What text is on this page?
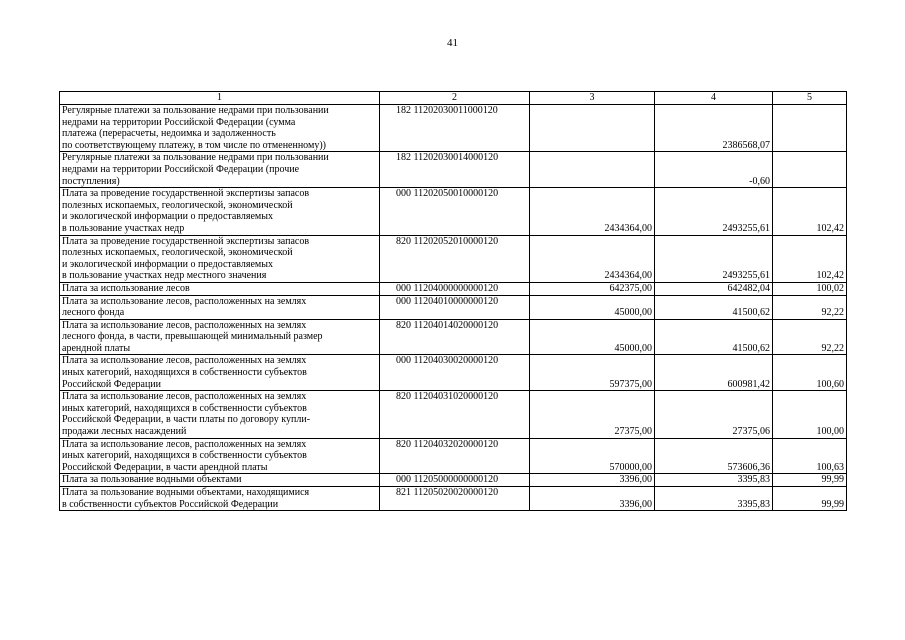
41
1	2	3	4	5
Регулярные платежи за пользование недрами при пользовании
недрами на территории Российской Федерации (сумма
платежа (перерасчеты, недоимка и задолженность
по соответствующему платежу, в том числе по отмененному))	182 11202030011000120		2386568,07	
Регулярные платежи за пользование недрами при пользовании
недрами на территории Российской Федерации (прочие
поступления)	182 11202030014000120		-0,60	
Плата за проведение государственной экспертизы запасов
полезных ископаемых, геологической, экономической
и экологической информации о предоставляемых
в пользование участках недр	000 11202050010000120	2434364,00	2493255,61	102,42
Плата за проведение государственной экспертизы запасов
полезных ископаемых, геологической, экономической
и экологической информации о предоставляемых
в пользование участках недр местного значения	820 11202052010000120	2434364,00	2493255,61	102,42
Плата за использование лесов	000 11204000000000120	642375,00	642482,04	100,02
Плата за использование лесов, расположенных на землях
лесного фонда	000 11204010000000120	45000,00	41500,62	92,22
Плата за использование лесов, расположенных на землях
лесного фонда, в части, превышающей минимальный размер
арендной платы	820 11204014020000120	45000,00	41500,62	92,22
Плата за использование лесов, расположенных на землях
иных категорий, находящихся в собственности субъектов
Российской Федерации	000 11204030020000120	597375,00	600981,42	100,60
Плата за использование лесов, расположенных на землях
иных категорий, находящихся в собственности субъектов
Российской Федерации, в части платы по договору купли-
продажи лесных насаждений	820 11204031020000120	27375,00	27375,06	100,00
Плата за использование лесов, расположенных на землях
иных категорий, находящихся в собственности субъектов
Российской Федерации, в части арендной платы	820 11204032020000120	570000,00	573606,36	100,63
Плата за пользование водными объектами	000 11205000000000120	3396,00	3395,83	99,99
Плата за пользование водными объектами, находящимися
в собственности субъектов Российской Федерации	821 11205020020000120	3396,00	3395,83	99,99
